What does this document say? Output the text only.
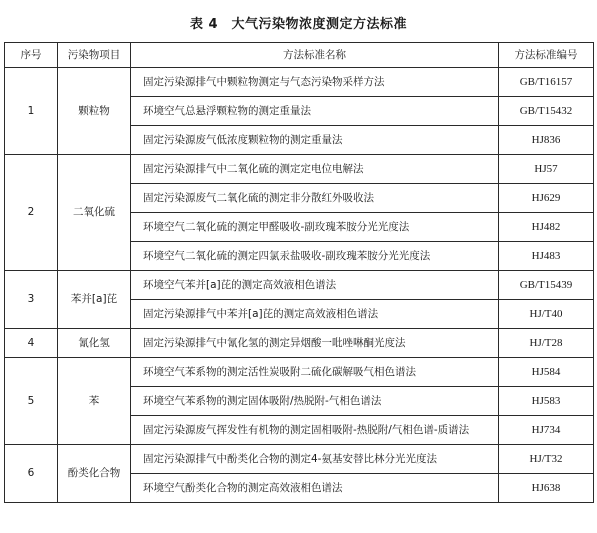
表 4　大气污染物浓度测定方法标准
序号	污染物项目	方法标准名称	方法标准编号
1	颗粒物	固定污染源排气中颗粒物测定与气态污染物采样方法	GB/T16157
		环境空气总悬浮颗粒物的测定重量法	GB/T15432
		固定污染源废气低浓度颗粒物的测定重量法	HJ836
2	二氧化硫	固定污染源排气中二氧化硫的测定定电位电解法	HJ57
		固定污染源废气二氧化硫的测定非分散红外吸收法	HJ629
		环境空气二氧化硫的测定甲醛吸收-副玫瑰苯胺分光光度法	HJ482
		环境空气二氧化硫的测定四氯汞盐吸收-副玫瑰苯胺分光光度法	HJ483
3	苯并[a]芘	环境空气苯并[a]芘的测定高效液相色谱法	GB/T15439
		固定污染源排气中苯并[a]芘的测定高效液相色谱法	HJ/T40
4	氰化氢	固定污染源排气中氰化氢的测定异烟酸一吡唑啉酮光度法	HJ/T28
5	苯	环境空气苯系物的测定活性炭吸附二硫化碳解吸气相色谱法	HJ584
		环境空气苯系物的测定固体吸附/热脱附-气相色谱法	HJ583
		固定污染源废气挥发性有机物的测定固相吸附-热脱附/气相色谱-质谱法	HJ734
6	酚类化合物	固定污染源排气中酚类化合物的测定4-氨基安替比林分光光度法	HJ/T32
		环境空气酚类化合物的测定高效液相色谱法	HJ638
